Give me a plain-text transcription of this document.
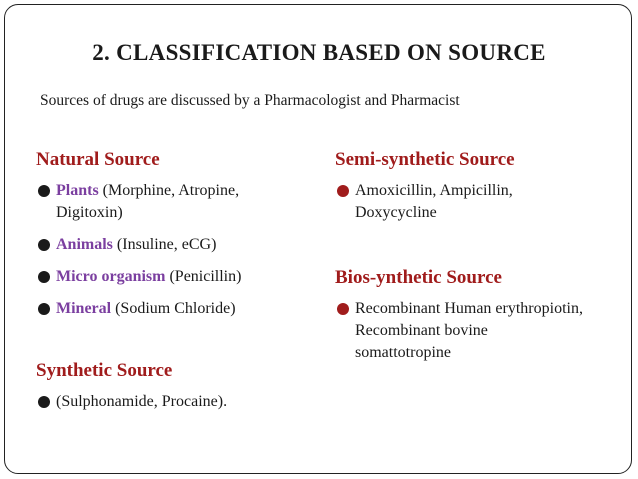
2. CLASSIFICATION BASED ON SOURCE
Sources of drugs are discussed by a Pharmacologist and Pharmacist
Natural Source
Plants (Morphine, Atropine, Digitoxin)
Animals (Insuline, eCG)
Micro organism (Penicillin)
Mineral (Sodium Chloride)
Synthetic Source
(Sulphonamide, Procaine).
Semi-synthetic Source
Amoxicillin, Ampicillin, Doxycycline
Bios-ynthetic Source
Recombinant Human erythropiotin, Recombinant bovine somattotropine
